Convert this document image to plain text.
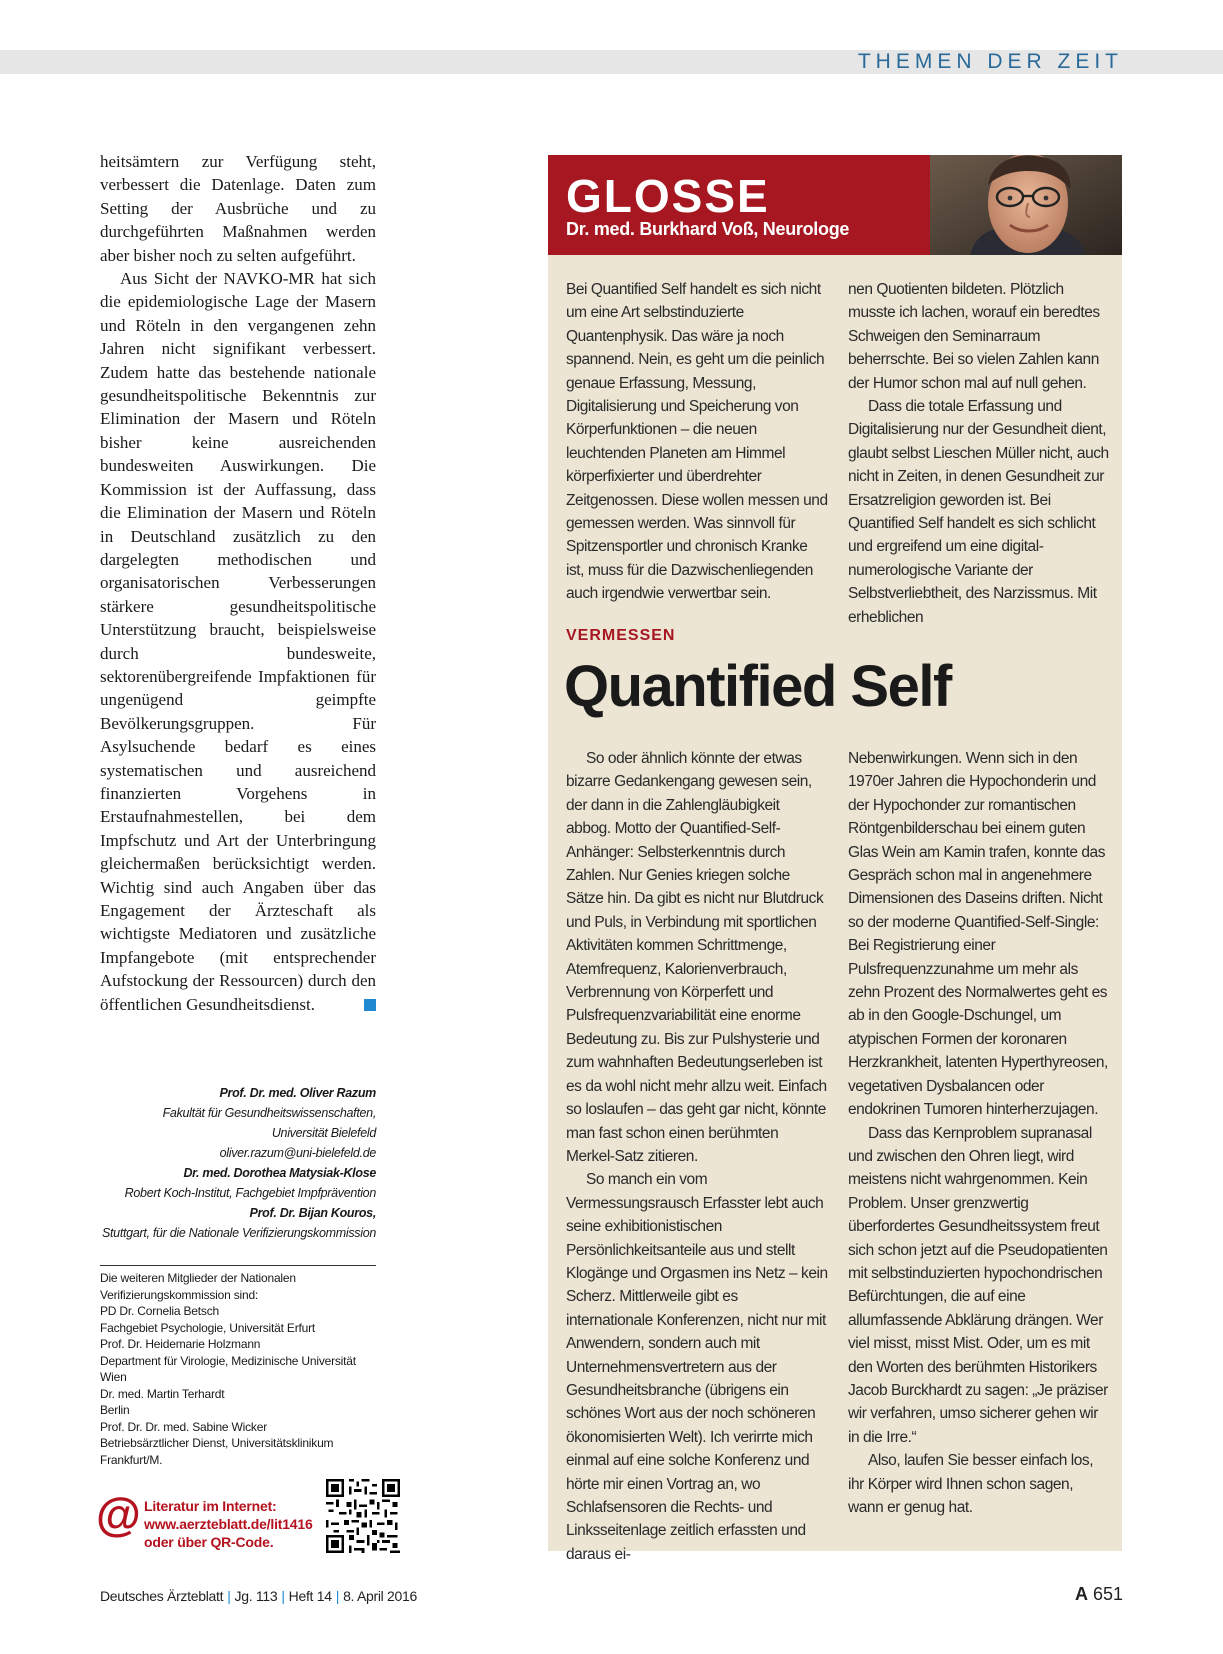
THEMEN DER ZEIT

heitsämtern zur Verfügung steht, verbessert die Datenlage. Daten zum Setting der Ausbrüche und zu durchgeführten Maßnahmen werden aber bisher noch zu selten aufgeführt.

Aus Sicht der NAVKO-MR hat sich die epidemiologische Lage der Masern und Röteln in den vergangenen zehn Jahren nicht signifikant verbessert. Zudem hatte das bestehende nationale gesundheitspolitische Bekenntnis zur Elimination der Masern und Röteln bisher keine ausreichenden bundesweiten Auswirkungen. Die Kommission ist der Auffassung, dass die Elimination der Masern und Röteln in Deutschland zusätzlich zu den dargelegten methodischen und organisatorischen Verbesserungen stärkere gesundheitspolitische Unterstützung braucht, beispielsweise durch bundesweite, sektorenübergreifende Impfaktionen für ungenügend geimpfte Bevölkerungsgruppen. Für Asylsuchende bedarf es eines systematischen und ausreichend finanzierten Vorgehens in Erstaufnahmestellen, bei dem Impfschutz und Art der Unterbringung gleichermaßen berücksichtigt werden. Wichtig sind auch Angaben über das Engagement der Ärzteschaft als wichtigste Mediatoren und zusätzliche Impfangebote (mit entsprechender Aufstockung der Ressourcen) durch den öffentlichen Gesundheitsdienst.

Prof. Dr. med. Oliver Razum
Fakultät für Gesundheitswissenschaften,
Universität Bielefeld
oliver.razum@uni-bielefeld.de
Dr. med. Dorothea Matysiak-Klose
Robert Koch-Institut, Fachgebiet Impfprävention
Prof. Dr. Bijan Kouros,
Stuttgart, für die Nationale Verifizierungskommission
Die weiteren Mitglieder der Nationalen Verifizierungskommission sind:
PD Dr. Cornelia Betsch
Fachgebiet Psychologie, Universität Erfurt
Prof. Dr. Heidemarie Holzmann
Department für Virologie, Medizinische Universität Wien
Dr. med. Martin Terhardt
Berlin
Prof. Dr. Dr. med. Sabine Wicker
Betriebsärztlicher Dienst, Universitätsklinikum Frankfurt/M.
@ Literatur im Internet:
www.aerzteblatt.de/lit1416
oder über QR-Code.
GLOSSE
Dr. med. Burkhard Voß, Neurologe

Bei Quantified Self handelt es sich nicht um eine Art selbstinduzierte Quantenphysik. Das wäre ja noch spannend. Nein, es geht um die peinlich genaue Erfassung, Messung, Digitalisierung und Speicherung von Körperfunktionen – die neuen leuchtenden Planeten am Himmel körperfixierter und überdrehter Zeitgenossen. Diese wollen messen und gemessen werden. Was sinnvoll für Spitzensportler und chronisch Kranke ist, muss für die Dazwischenliegenden auch irgendwie verwertbar sein.

nen Quotienten bildeten. Plötzlich musste ich lachen, worauf ein beredtes Schweigen den Seminarraum beherrschte. Bei so vielen Zahlen kann der Humor schon mal auf null gehen.

Dass die totale Erfassung und Digitalisierung nur der Gesundheit dient, glaubt selbst Lieschen Müller nicht, auch nicht in Zeiten, in denen Gesundheit zur Ersatzreligion geworden ist. Bei Quantified Self handelt es sich schlicht und ergreifend um eine digital-numerologische Variante der Selbstverliebtheit, des Narzissmus. Mit erheblichen

VERMESSEN
Quantified Self

So oder ähnlich könnte der etwas bizarre Gedankengang gewesen sein, der dann in die Zahlengläubigkeit abbog. Motto der Quantified-Self-Anhänger: Selbsterkenntnis durch Zahlen. Nur Genies kriegen solche Sätze hin. Da gibt es nicht nur Blutdruck und Puls, in Verbindung mit sportlichen Aktivitäten kommen Schrittmenge, Atemfrequenz, Kalorienverbrauch, Verbrennung von Körperfett und Pulsfrequenzvariabilität eine enorme Bedeutung zu. Bis zur Pulshysterie und zum wahnhaften Bedeutungserleben ist es da wohl nicht mehr allzu weit. Einfach so loslaufen – das geht gar nicht, könnte man fast schon einen berühmten Merkel-Satz zitieren.

So manch ein vom Vermessungsrausch Erfasster lebt auch seine exhibitionistischen Persönlichkeitsanteile aus und stellt Klogänge und Orgasmen ins Netz – kein Scherz. Mittlerweile gibt es internationale Konferenzen, nicht nur mit Anwendern, sondern auch mit Unternehmensvertretern aus der Gesundheitsbranche (übrigens ein schönes Wort aus der noch schöneren ökonomisierten Welt). Ich verirrte mich einmal auf eine solche Konferenz und hörte mir einen Vortrag an, wo Schlafsensoren die Rechts- und Linksseitenlage zeitlich erfassten und daraus ei-

Nebenwirkungen. Wenn sich in den 1970er Jahren die Hypochonderin und der Hypochonder zur romantischen Röntgenbilderschau bei einem guten Glas Wein am Kamin trafen, konnte das Gespräch schon mal in angenehmere Dimensionen des Daseins driften. Nicht so der moderne Quantified-Self-Single: Bei Registrierung einer Pulsfrequenzzunahme um mehr als zehn Prozent des Normalwertes geht es ab in den Google-Dschungel, um atypischen Formen der koronaren Herzkrankheit, latenten Hyperthyreosen, vegetativen Dysbalancen oder endokrinen Tumoren hinterherzujagen.

Dass das Kernproblem supranasal und zwischen den Ohren liegt, wird meistens nicht wahrgenommen. Kein Problem. Unser grenzwertig überfordertes Gesundheitssystem freut sich schon jetzt auf die Pseudopatienten mit selbstinduzierten hypochondrischen Befürchtungen, die auf eine allumfassende Abklärung drängen. Wer viel misst, misst Mist. Oder, um es mit den Worten des berühmten Historikers Jacob Burckhardt zu sagen: „Je präziser wir verfahren, umso sicherer gehen wir in die Irre.“

Also, laufen Sie besser einfach los, ihr Körper wird Ihnen schon sagen, wann er genug hat.

Deutsches Ärzteblatt | Jg. 113 | Heft 14 | 8. April 2016	A 651
